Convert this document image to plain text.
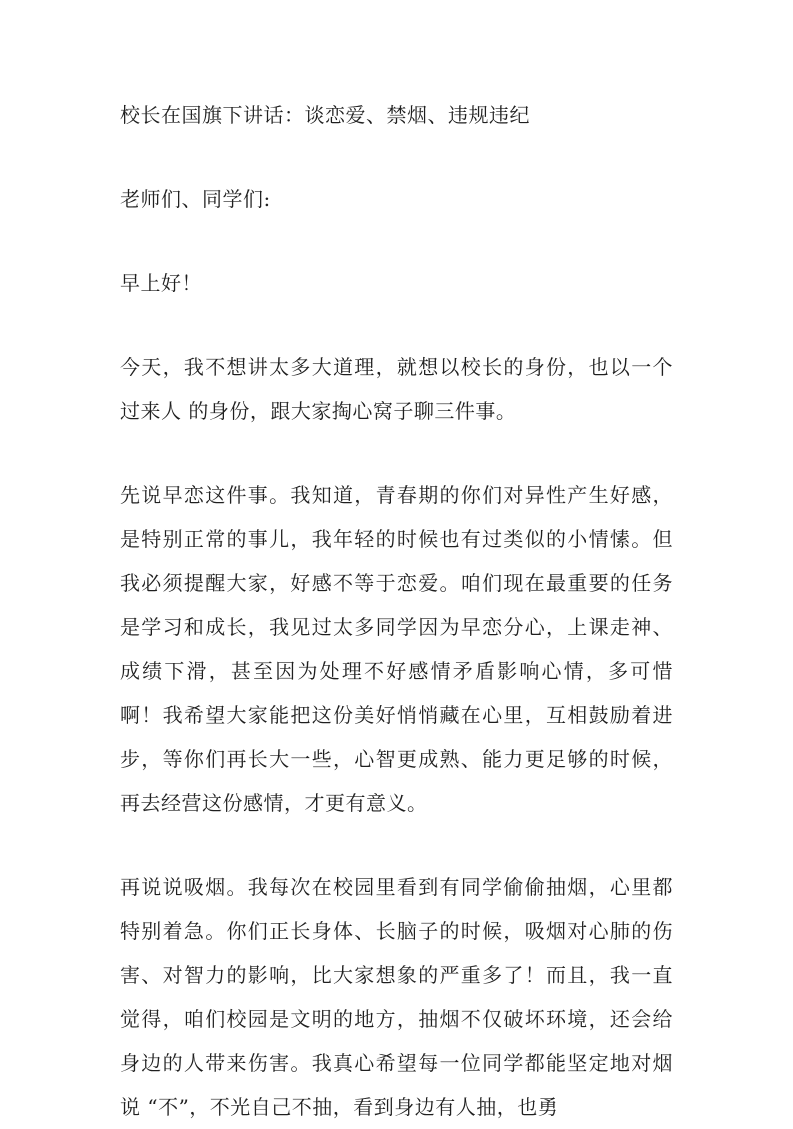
校长在国旗下讲话：谈恋爱、禁烟、违规违纪

老师们、同学们:

早上好！

今天，我不想讲太多大道理，就想以校长的身份，也以一个过来人 的身份，跟大家掏心窝子聊三件事。

先说早恋这件事。我知道，青春期的你们对异性产生好感，是特别正常的事儿，我年轻的时候也有过类似的小情愫。但我必须提醒大家，好感不等于恋爱。咱们现在最重要的任务是学习和成长，我见过太多同学因为早恋分心，上课走神、成绩下滑，甚至因为处理不好感情矛盾影响心情，多可惜啊！我希望大家能把这份美好悄悄藏在心里，互相鼓励着进步，等你们再长大一些，心智更成熟、能力更足够的时候，再去经营这份感情，才更有意义。

再说说吸烟。我每次在校园里看到有同学偷偷抽烟，心里都特别着急。你们正长身体、长脑子的时候，吸烟对心肺的伤害、对智力的影响，比大家想象的严重多了！而且，我一直觉得，咱们校园是文明的地方，抽烟不仅破坏环境，还会给身边的人带来伤害。我真心希望每一位同学都能坚定地对烟说 “不”，不光自己不抽，看到身边有人抽，也勇
